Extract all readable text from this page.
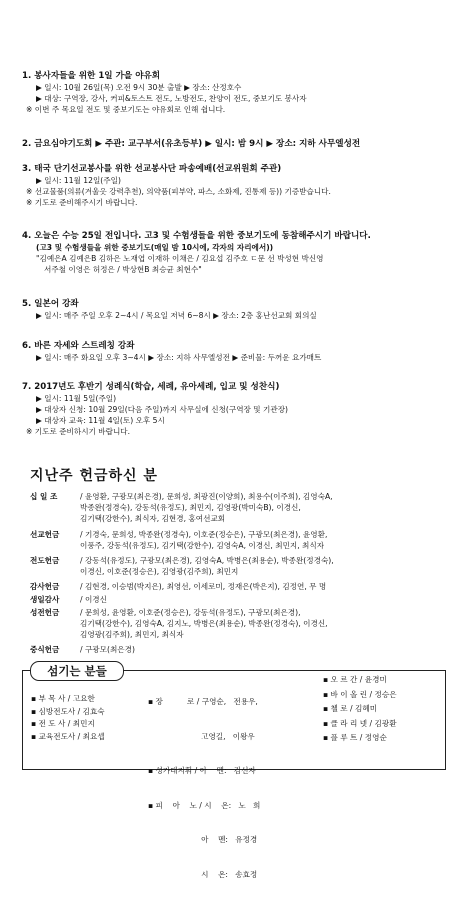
1. 봉사자들을 위한 1일 가을 야유회
▶ 일시: 10월 26일(목) 오전 9시 30분 출발 ▶ 장소: 산정호수
▶ 대상: 구역장, 강사, 커피&토스트 전도, 노방전도, 찬양이 전도, 중보기도 봉사자
※ 이번 주 목요일 전도 및 중보기도는 야유회로 인해 쉽니다.
2. 금요심야기도회 ▶ 주관: 교구부서(유초등부) ▶ 일시: 밤 9시 ▶ 장소: 지하 사무엘성전
3. 태국 단기선교봉사를 위한 선교봉사단 파송예배(선교위원회 주관)
▶ 일시: 11월 12일(주일)
※ 선교물품(의류(겨울옷 강력추천), 의약품(피부약, 파스, 소화제, 진통제 등)) 기증받습니다.
※ 기도로 준비해주시기 바랍니다.
4. 오늘은 수능 25일 전입니다. 고3 및 수험생들을 위한 중보기도에 동참해주시기 바랍니다.
(고3 및 수험생들을 위한 중보기도(매일 밤 10시에, 각자의 자리에서))
"김예은A 김예은B 김하은 노재엽 이재하 이채은 / 김요섭 김주호 ㄷ문 선 박성현 박신영
서주철 이영은 허정은 / 박상현B 최승균 최현수"
5. 일본어 강좌
▶ 일시: 매주 주일 오후 2~4시 / 목요일 저녁 6~8시 ▶ 장소: 2층 홍난선교회 회의실
6. 바른 자세와 스트레칭 강좌
▶ 일시: 매주 화요일 오후 3~4시 ▶ 장소: 지하 사무엘성전 ▶ 준비물: 두꺼운 요가매트
7. 2017년도 후반기 성례식(학습, 세례, 유아세례, 입교 및 성찬식)
▶ 일시: 11월 5일(주일)
▶ 대상자 신청: 10월 29일(다음 주일)까지 사무실에 신청(구역장 및 기관장)
▶ 대상자 교육: 11월 4일(토) 오후 5시
※ 기도로 준비하시기 바랍니다.
지난주 헌금하신 분
십 일 조	/ 윤영환, 구광모(최은경), 문희성, 최광진(이양희), 최용수(이주희), 김영숙A,
박종완(정경숙), 강동석(유정도), 최민지, 김영광(박미숙B), 이경신,
김기택(강한수), 최식자, 김현경, 홍여선교회
선교헌금	/ 기경숙, 문희성, 박종완(정경숙), 이호준(정승은), 구광모(최은경), 윤영환,
이풍주, 강동석(유정도), 김기택(강한수), 김영숙A, 이경신, 최민지, 최식자
전도헌금	/ 강동석(유정도), 구광모(최은경), 김영숙A, 박병은(최용순), 박종완(정경숙),
이경신, 이호준(정승은), 김영광(김주희), 최민지
감사헌금	/ 김현경, 이승범(박지은), 최영선, 이세로미, 정재은(박은지), 김정연, 무 명
생일감사	/ 이경신
성전헌금	/ 문희성, 윤영환, 이호준(정승은), 강동석(유정도), 구광모(최은경),
김기택(강한수), 김영숙A, 김지노, 박병은(최용순), 박종완(정경숙), 이경신,
김영광(김주희), 최민지, 최식자
중식헌금	/ 구광모(최은경)
▪ 부 목 사 / 고요한
▪ 심방전도사 / 김효숙
▪ 전 도 사 / 최민지
▪ 교육전도사 / 최요셉

▪ 장          로 / 구영순,   전용우,

고영길,   이왕우

▪ 성가대지휘 / 아    멘:   김선자

▪ 피    아    노 / 시    온:   노   희

아    멘:   유정경

시    온:   송효정

▪ 오 르 간 / 윤경미
▪ 바 이 올 린 / 정승은
▪ 첼 로 / 김혜미
▪ 클 라 리 넷 / 김광환
▪ 플 루 트 / 정영순
섬기는 분들
